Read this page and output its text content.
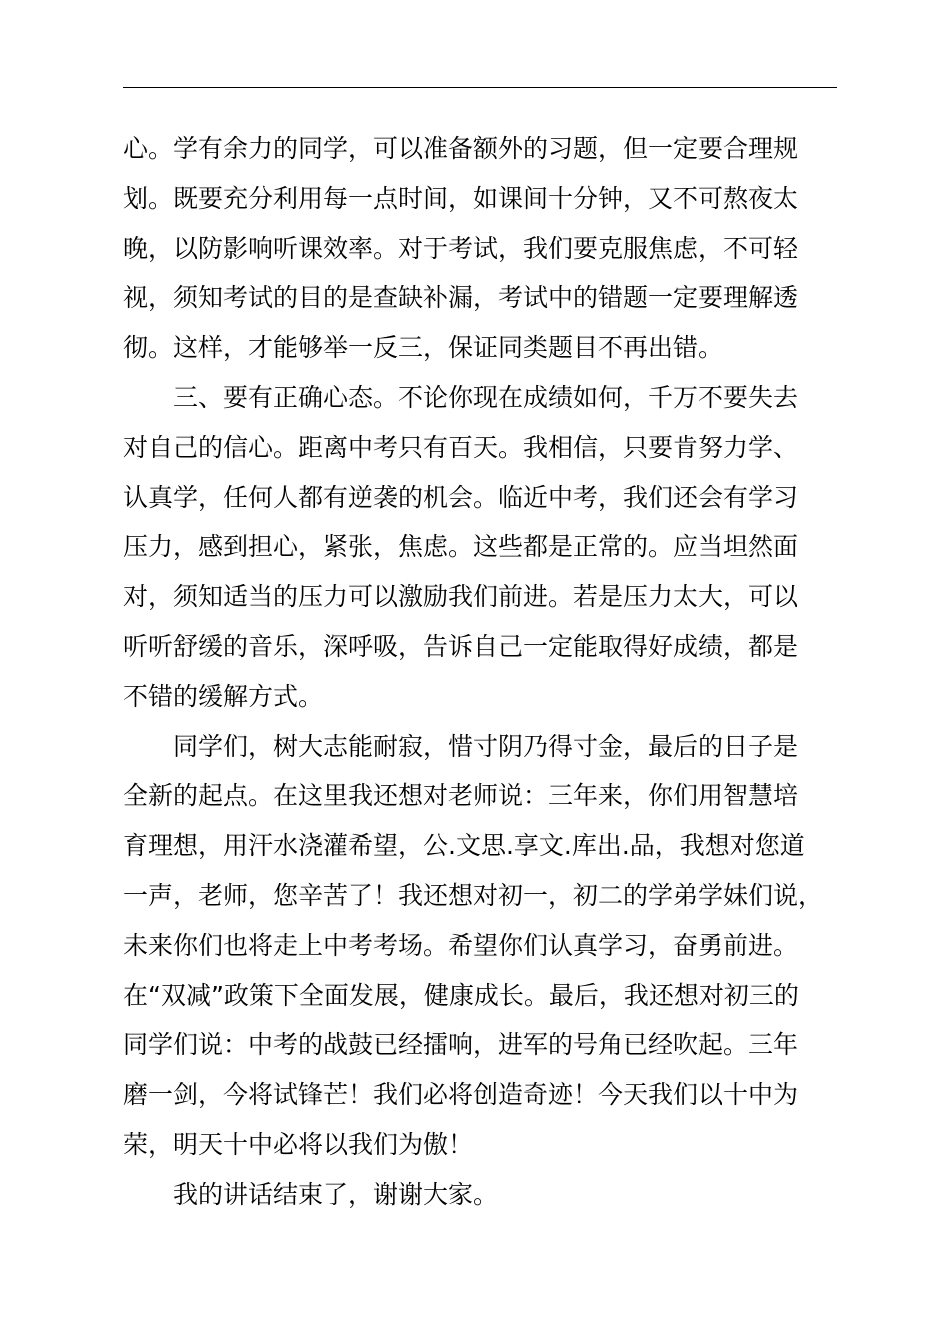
心。学有余力的同学，可以准备额外的习题，但一定要合理规
划。既要充分利用每一点时间，如课间十分钟，又不可熬夜太
晚，以防影响听课效率。对于考试，我们要克服焦虑，不可轻
视，须知考试的目的是查缺补漏，考试中的错题一定要理解透
彻。这样，才能够举一反三，保证同类题目不再出错。
三、要有正确心态。不论你现在成绩如何，千万不要失去
对自己的信心。距离中考只有百天。我相信，只要肯努力学、
认真学，任何人都有逆袭的机会。临近中考，我们还会有学习
压力，感到担心，紧张，焦虑。这些都是正常的。应当坦然面
对，须知适当的压力可以激励我们前进。若是压力太大，可以
听听舒缓的音乐，深呼吸，告诉自己一定能取得好成绩，都是
不错的缓解方式。
同学们，树大志能耐寂，惜寸阴乃得寸金，最后的日子是
全新的起点。在这里我还想对老师说：三年来，你们用智慧培
育理想，用汗水浇灌希望，公.文思.享文.库出.品，我想对您道
一声，老师，您辛苦了！我还想对初一，初二的学弟学妹们说，
未来你们也将走上中考考场。希望你们认真学习，奋勇前进。
在“双减”政策下全面发展，健康成长。最后，我还想对初三的
同学们说：中考的战鼓已经擂响，进军的号角已经吹起。三年
磨一剑，今将试锋芒！我们必将创造奇迹！今天我们以十中为
荣，明天十中必将以我们为傲！
我的讲话结束了，谢谢大家。
